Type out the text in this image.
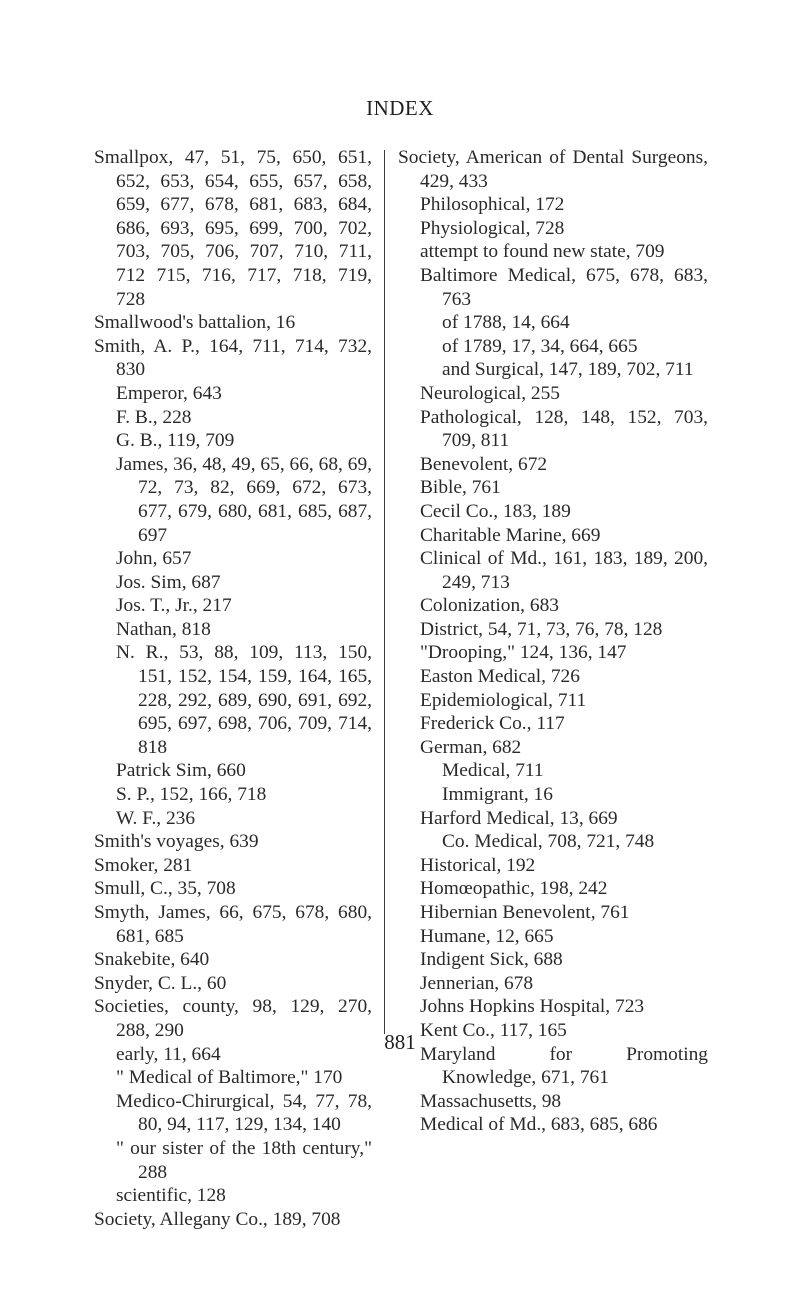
INDEX
Smallpox, 47, 51, 75, 650, 651, 652, 653, 654, 655, 657, 658, 659, 677, 678, 681, 683, 684, 686, 693, 695, 699, 700, 702, 703, 705, 706, 707, 710, 711, 712 715, 716, 717, 718, 719, 728
Smallwood's battalion, 16
Smith, A. P., 164, 711, 714, 732, 830
Emperor, 643
F. B., 228
G. B., 119, 709
James, 36, 48, 49, 65, 66, 68, 69, 72, 73, 82, 669, 672, 673, 677, 679, 680, 681, 685, 687, 697
John, 657
Jos. Sim, 687
Jos. T., Jr., 217
Nathan, 818
N. R., 53, 88, 109, 113, 150, 151, 152, 154, 159, 164, 165, 228, 292, 689, 690, 691, 692, 695, 697, 698, 706, 709, 714, 818
Patrick Sim, 660
S. P., 152, 166, 718
W. F., 236
Smith's voyages, 639
Smoker, 281
Smull, C., 35, 708
Smyth, James, 66, 675, 678, 680, 681, 685
Snakebite, 640
Snyder, C. L., 60
Societies, county, 98, 129, 270, 288, 290
early, 11, 664
" Medical of Baltimore," 170
Medico-Chirurgical, 54, 77, 78, 80, 94, 117, 129, 134, 140
" our sister of the 18th century," 288
scientific, 128
Society, Allegany Co., 189, 708
Society, American of Dental Surgeons, 429, 433
Philosophical, 172
Physiological, 728
attempt to found new state, 709
Baltimore Medical, 675, 678, 683, 763
of 1788, 14, 664
of 1789, 17, 34, 664, 665
and Surgical, 147, 189, 702, 711
Neurological, 255
Pathological, 128, 148, 152, 703, 709, 811
Benevolent, 672
Bible, 761
Cecil Co., 183, 189
Charitable Marine, 669
Clinical of Md., 161, 183, 189, 200, 249, 713
Colonization, 683
District, 54, 71, 73, 76, 78, 128
"Drooping," 124, 136, 147
Easton Medical, 726
Epidemiological, 711
Frederick Co., 117
German, 682
Medical, 711
Immigrant, 16
Harford Medical, 13, 669
Co. Medical, 708, 721, 748
Historical, 192
Homœopathic, 198, 242
Hibernian Benevolent, 761
Humane, 12, 665
Indigent Sick, 688
Jennerian, 678
Johns Hopkins Hospital, 723
Kent Co., 117, 165
Maryland for Promoting Knowledge, 671, 761
Massachusetts, 98
Medical of Md., 683, 685, 686
881
